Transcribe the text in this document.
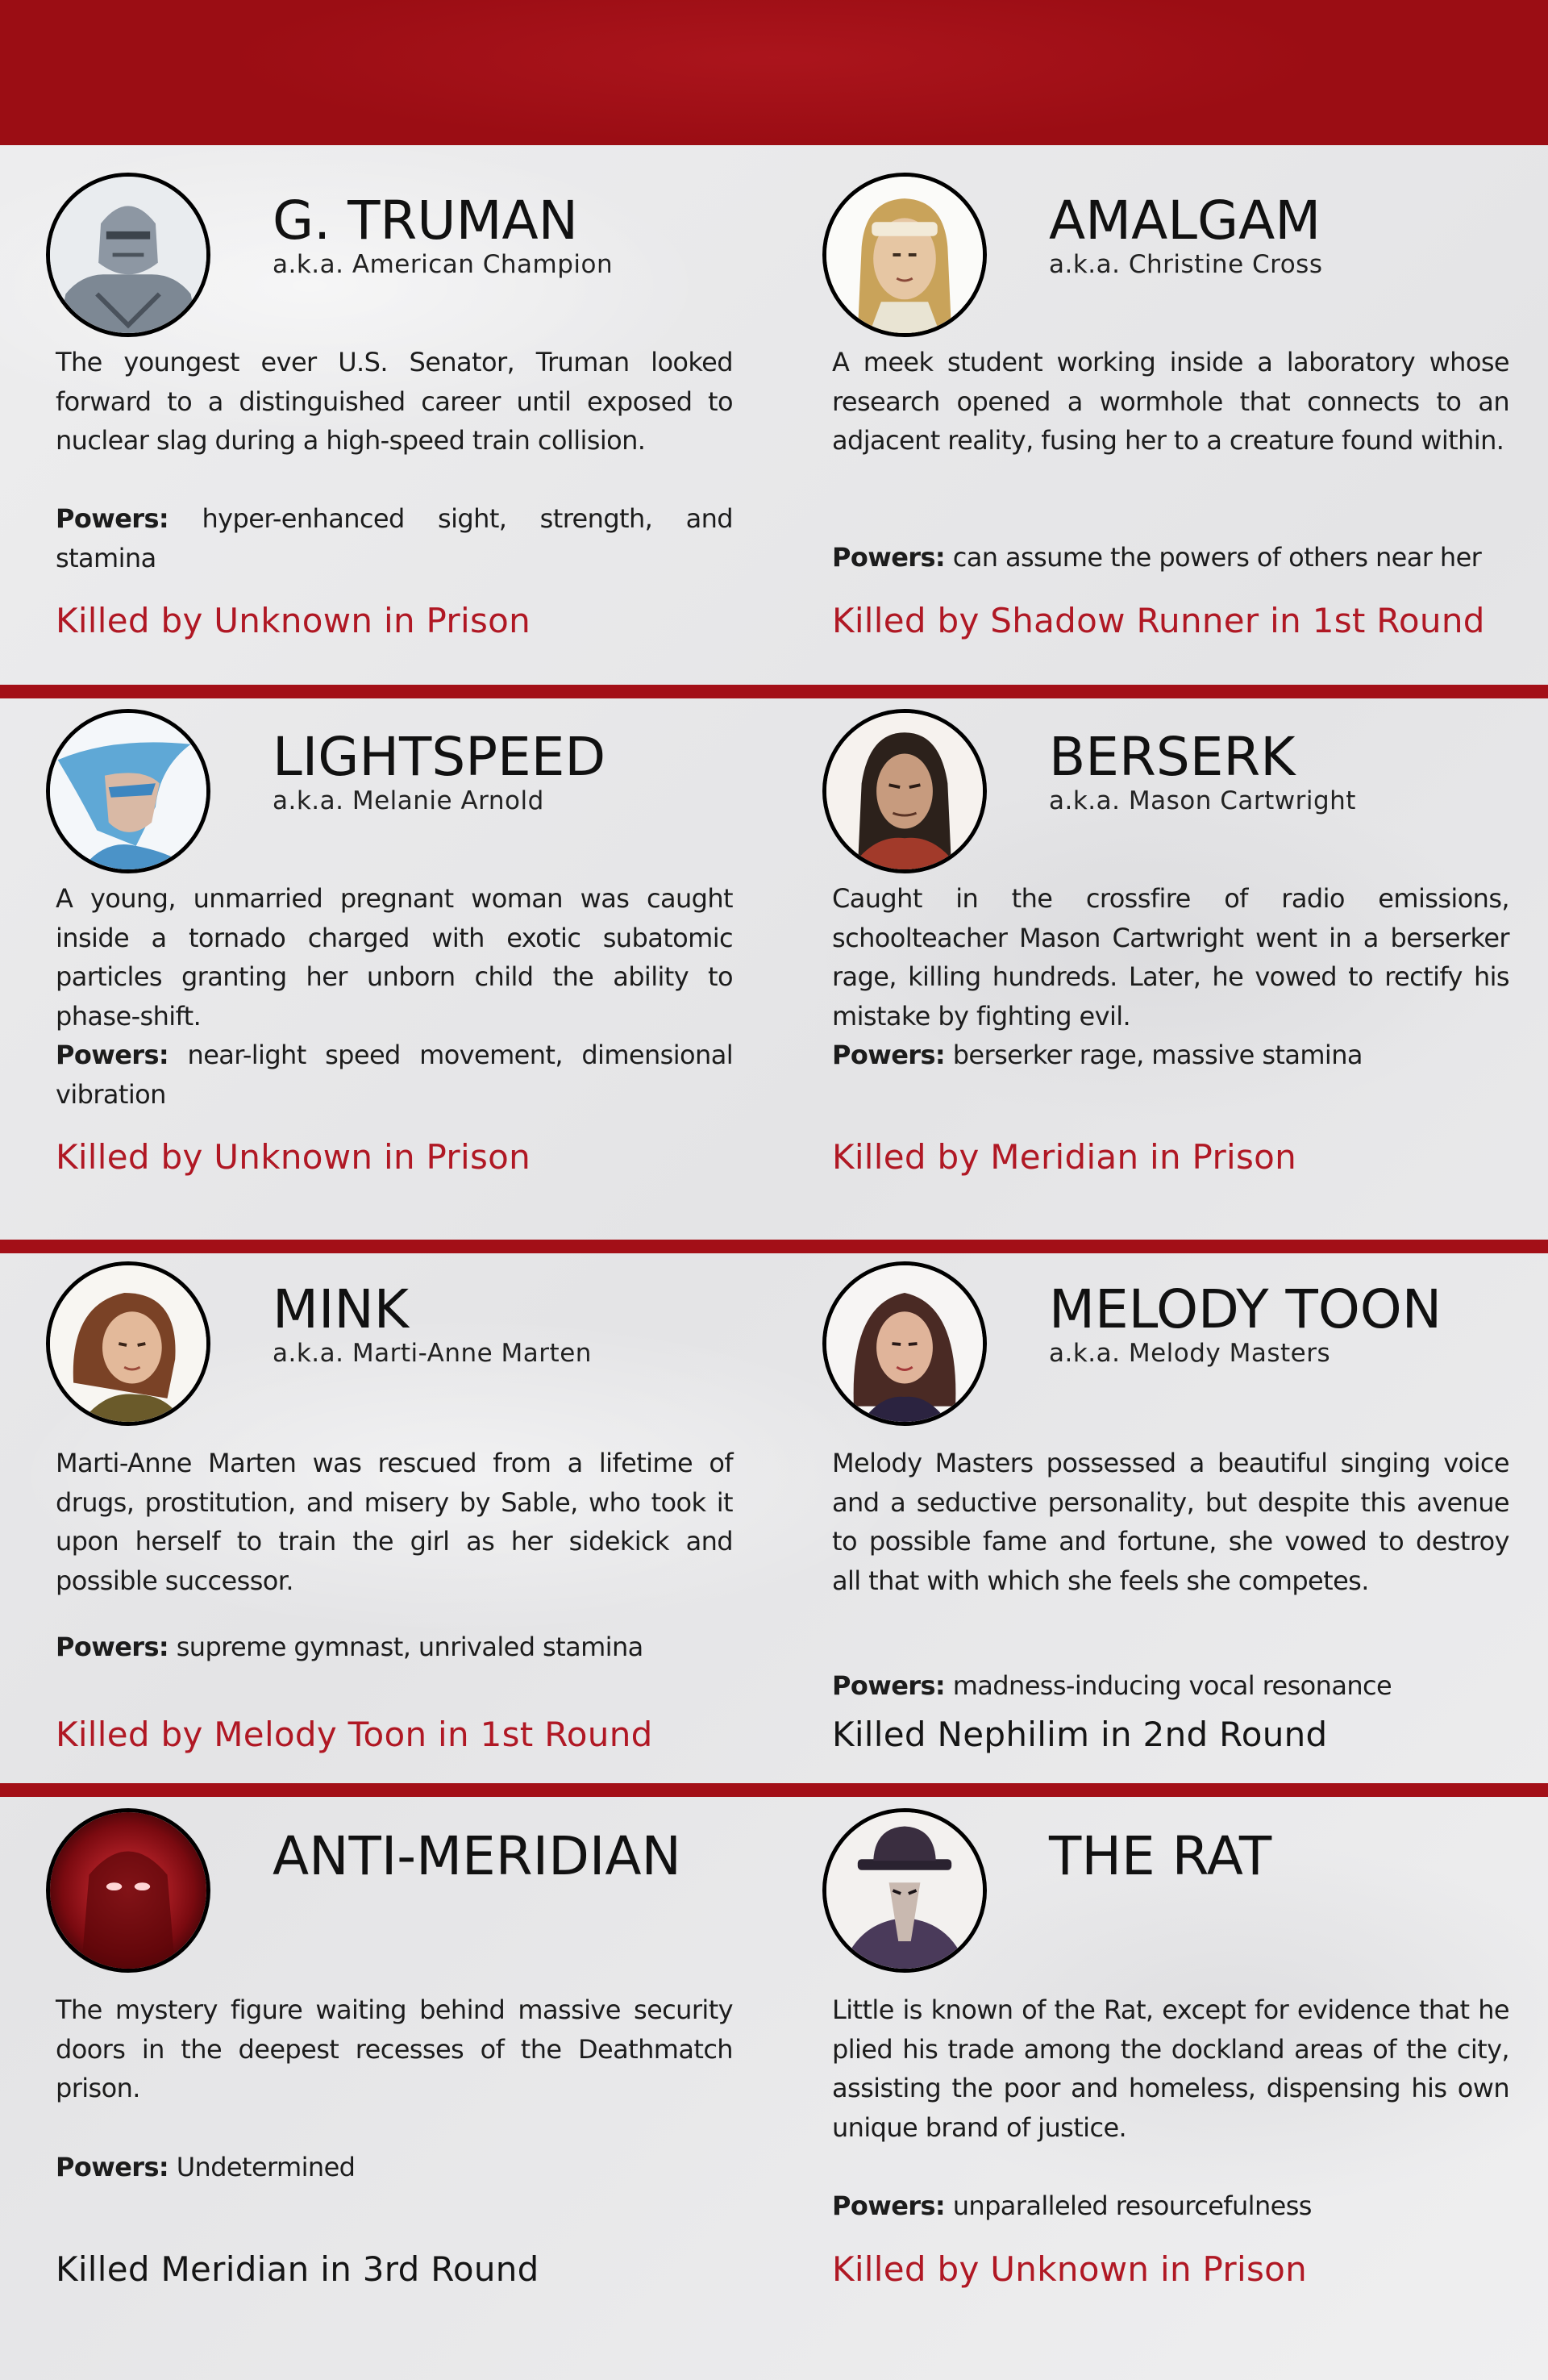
G. TRUMAN
a.k.a. American Champion
The youngest ever U.S. Senator, Truman looked forward to a distinguished career until exposed to nuclear slag during a high-speed train collision.
Powers: hyper-enhanced sight, strength, and stamina
Killed by Unknown in Prison
AMALGAM
a.k.a. Christine Cross
A meek student working inside a laboratory whose research opened a wormhole that connects to an adjacent reality, fusing her to a creature found within.
Powers: can assume the powers of others near her
Killed by Shadow Runner in 1st Round
LIGHTSPEED
a.k.a. Melanie Arnold
A young, unmarried pregnant woman was caught inside a tornado charged with exotic subatomic particles granting her unborn child the ability to phase-shift.
Powers: near-light speed movement, dimensional vibration
Killed by Unknown in Prison
BERSERK
a.k.a. Mason Cartwright
Caught in the crossfire of radio emissions, schoolteacher Mason Cartwright went in a berserker rage, killing hundreds. Later, he vowed to rectify his mistake by fighting evil.
Powers: berserker rage, massive stamina
Killed by Meridian in Prison
MINK
a.k.a. Marti-Anne Marten
Marti-Anne Marten was rescued from a lifetime of drugs, prostitution, and misery by Sable, who took it upon herself to train the girl as her sidekick and possible successor.
Powers: supreme gymnast, unrivaled stamina
Killed by Melody Toon in 1st Round
MELODY TOON
a.k.a. Melody Masters
Melody Masters possessed a beautiful singing voice and a seductive personality, but despite this avenue to possible fame and fortune, she vowed to destroy all that with which she feels she competes.
Powers: madness-inducing vocal resonance
Killed Nephilim in 2nd Round
ANTI-MERIDIAN
The mystery figure waiting behind massive security doors in the deepest recesses of the Deathmatch prison.
Powers: Undetermined
Killed Meridian in 3rd Round
THE RAT
Little is known of the Rat, except for evidence that he plied his trade among the dockland areas of the city, assisting the poor and homeless, dispensing his own unique brand of justice.
Powers: unparalleled resourcefulness
Killed by Unknown in Prison
